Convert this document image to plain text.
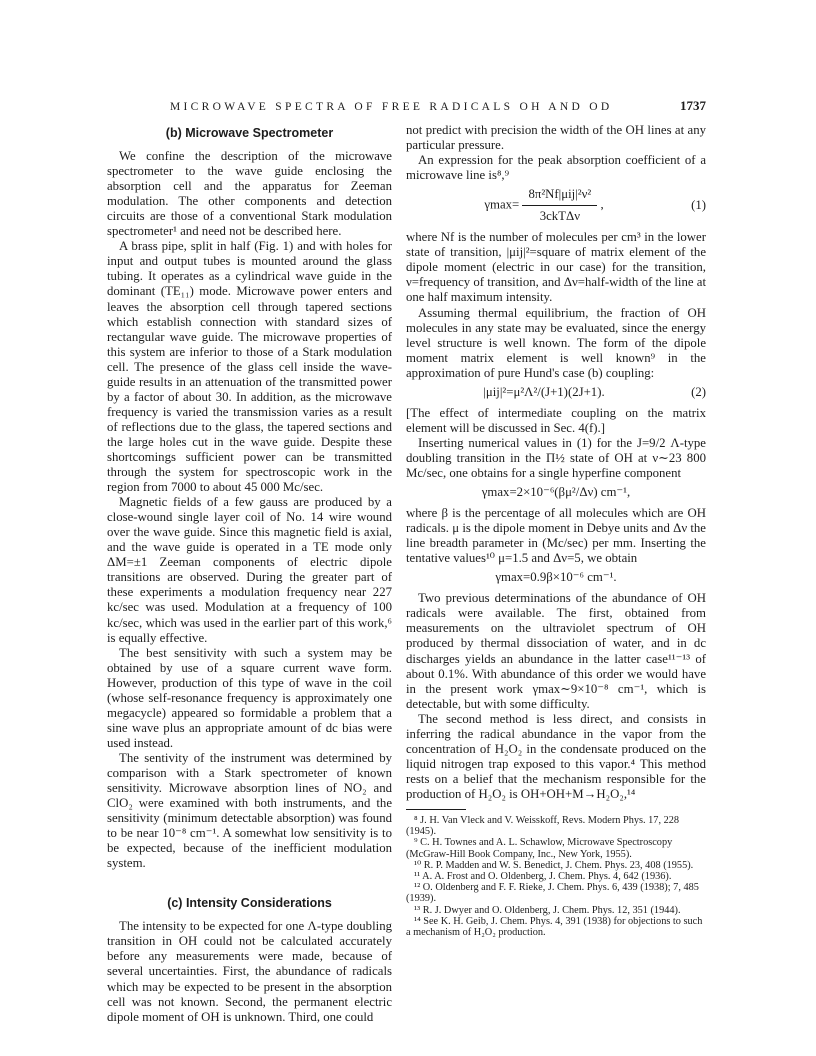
MICROWAVE SPECTRA OF FREE RADICALS OH AND OD	1737
(b) Microwave Spectrometer

We confine the description of the microwave spectrometer to the wave guide enclosing the absorption cell and the apparatus for Zeeman modulation. The other components and detection circuits are those of a conventional Stark modulation spectrometer¹ and need not be described here.

A brass pipe, split in half (Fig. 1) and with holes for input and output tubes is mounted around the glass tubing. It operates as a cylindrical wave guide in the dominant (TE₁₁) mode. Microwave power enters and leaves the absorption cell through tapered sections which establish connection with standard sizes of rectangular wave guide. The microwave properties of this system are inferior to those of a Stark modulation cell. The presence of the glass cell inside the wave-guide results in an attenuation of the transmitted power by a factor of about 30. In addition, as the microwave frequency is varied the transmission varies as a result of reflections due to the glass, the tapered sections and the large holes cut in the wave guide. Despite these shortcomings sufficient power can be transmitted through the system for spectroscopic work in the region from 7000 to about 45 000 Mc/sec.

Magnetic fields of a few gauss are produced by a close-wound single layer coil of No. 14 wire wound over the wave guide. Since this magnetic field is axial, and the wave guide is operated in a TE mode only ΔM=±1 Zeeman components of electric dipole transitions are observed. During the greater part of these experiments a modulation frequency near 227 kc/sec was used. Modulation at a frequency of 100 kc/sec, which was used in the earlier part of this work,⁶ is equally effective.

The best sensitivity with such a system may be obtained by use of a square current wave form. However, production of this type of wave in the coil (whose self-resonance frequency is approximately one megacycle) appeared so formidable a problem that a sine wave plus an appropriate amount of dc bias were used instead.

The sentivity of the instrument was determined by comparison with a Stark spectrometer of known sensitivity. Microwave absorption lines of NO₂ and ClO₂ were examined with both instruments, and the sensitivity (minimum detectable absorption) was found to be near 10⁻⁸ cm⁻¹. A somewhat low sensitivity is to be expected, because of the inefficient modulation system.

(c) Intensity Considerations

The intensity to be expected for one Λ-type doubling transition in OH could not be calculated accurately before any measurements were made, because of several uncertainties. First, the abundance of radicals which may be expected to be present in the absorption cell was not known. Second, the permanent electric dipole moment of OH is unknown. Third, one could

not predict with precision the width of the OH lines at any particular pressure.

An expression for the peak absorption coefficient of a microwave line is⁸,⁹

$\gamma\max= \frac{\text{8π²Nf|μij|²ν²}}{\text{3ckTΔν}}$ ,	(1)

where Nf is the number of molecules per cm³ in the lower state of transition, |μij|²=square of matrix element of the dipole moment (electric in our case) for the transition, ν=frequency of transition, and Δν=half-width of the line at one half maximum intensity.

Assuming thermal equilibrium, the fraction of OH molecules in any state may be evaluated, since the energy level structure is well known. The form of the dipole moment matrix element is well known⁹ in the approximation of pure Hund's case (b) coupling:

|μij|²=μ²Λ²/(J+1)(2J+1).	(2)

[The effect of intermediate coupling on the matrix element will be discussed in Sec. 4(f).]

Inserting numerical values in (1) for the J=9/2 Λ-type doubling transition in the Π½ state of OH at ν∼23 800 Mc/sec, one obtains for a single hyperfine component

γmax=2×10⁻⁶(βμ²/Δν) cm⁻¹,

where β is the percentage of all molecules which are OH radicals. μ is the dipole moment in Debye units and Δν the line breadth parameter in (Mc/sec) per mm. Inserting the tentative values¹⁰ μ=1.5 and Δν=5, we obtain

γmax=0.9β×10⁻⁶ cm⁻¹.

Two previous determinations of the abundance of OH radicals were available. The first, obtained from measurements on the ultraviolet spectrum of OH produced by thermal dissociation of water, and in dc discharges yields an abundance in the latter case¹¹⁻¹³ of about 0.1%. With abundance of this order we would have in the present work γmax∼9×10⁻⁸ cm⁻¹, which is detectable, but with some difficulty.

The second method is less direct, and consists in inferring the radical abundance in the vapor from the concentration of H₂O₂ in the condensate produced on the liquid nitrogen trap exposed to this vapor.⁴ This method rests on a belief that the mechanism responsible for the production of H₂O₂ is OH+OH+M→H₂O₂,¹⁴

⁸ J. H. Van Vleck and V. Weisskoff, Revs. Modern Phys. 17, 228 (1945).
⁹ C. H. Townes and A. L. Schawlow, Microwave Spectroscopy (McGraw-Hill Book Company, Inc., New York, 1955).
¹⁰ R. P. Madden and W. S. Benedict, J. Chem. Phys. 23, 408 (1955).
¹¹ A. A. Frost and O. Oldenberg, J. Chem. Phys. 4, 642 (1936).
¹² O. Oldenberg and F. F. Rieke, J. Chem. Phys. 6, 439 (1938); 7, 485 (1939).
¹³ R. J. Dwyer and O. Oldenberg, J. Chem. Phys. 12, 351 (1944).
¹⁴ See K. H. Geib, J. Chem. Phys. 4, 391 (1938) for objections to such a mechanism of H₂O₂ production.
